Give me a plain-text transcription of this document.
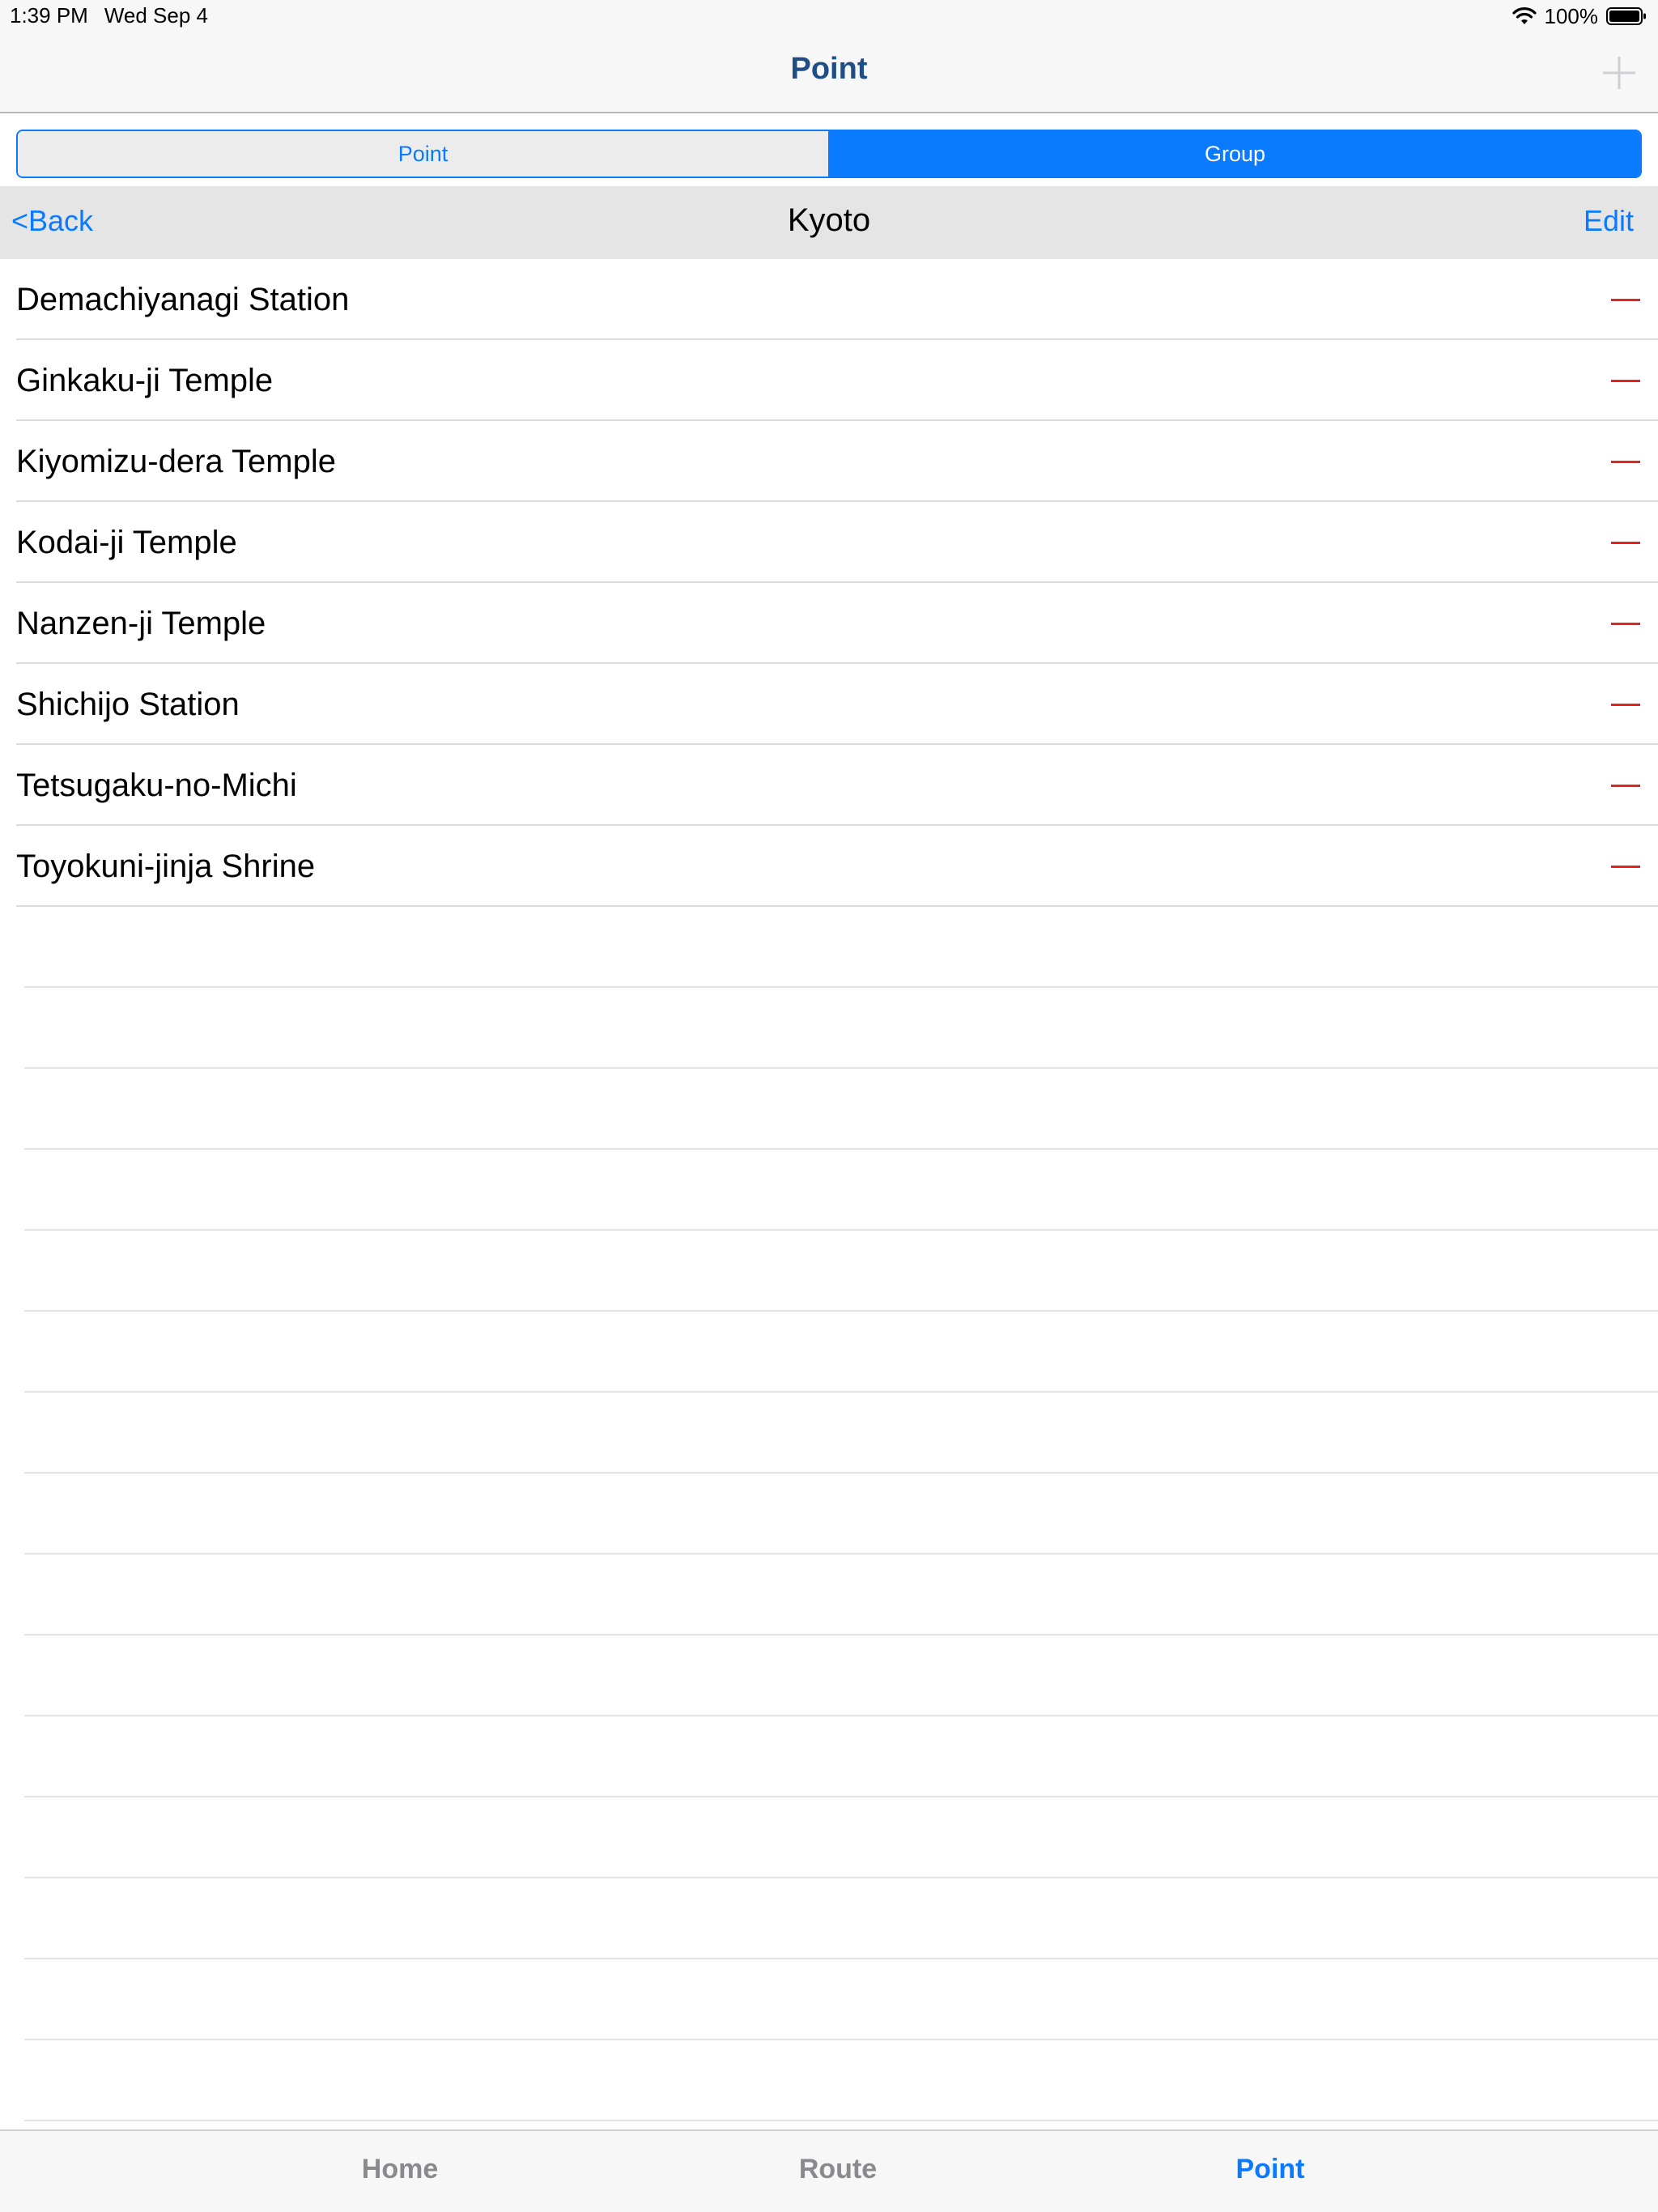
1:39 PM Wed Sep 4	100%
Point
Point	Group
<Back	Kyoto	Edit
Demachiyanagi Station
Ginkaku-ji Temple
Kiyomizu-dera Temple
Kodai-ji Temple
Nanzen-ji Temple
Shichijo Station
Tetsugaku-no-Michi
Toyokuni-jinja Shrine
Home	Route	Point
